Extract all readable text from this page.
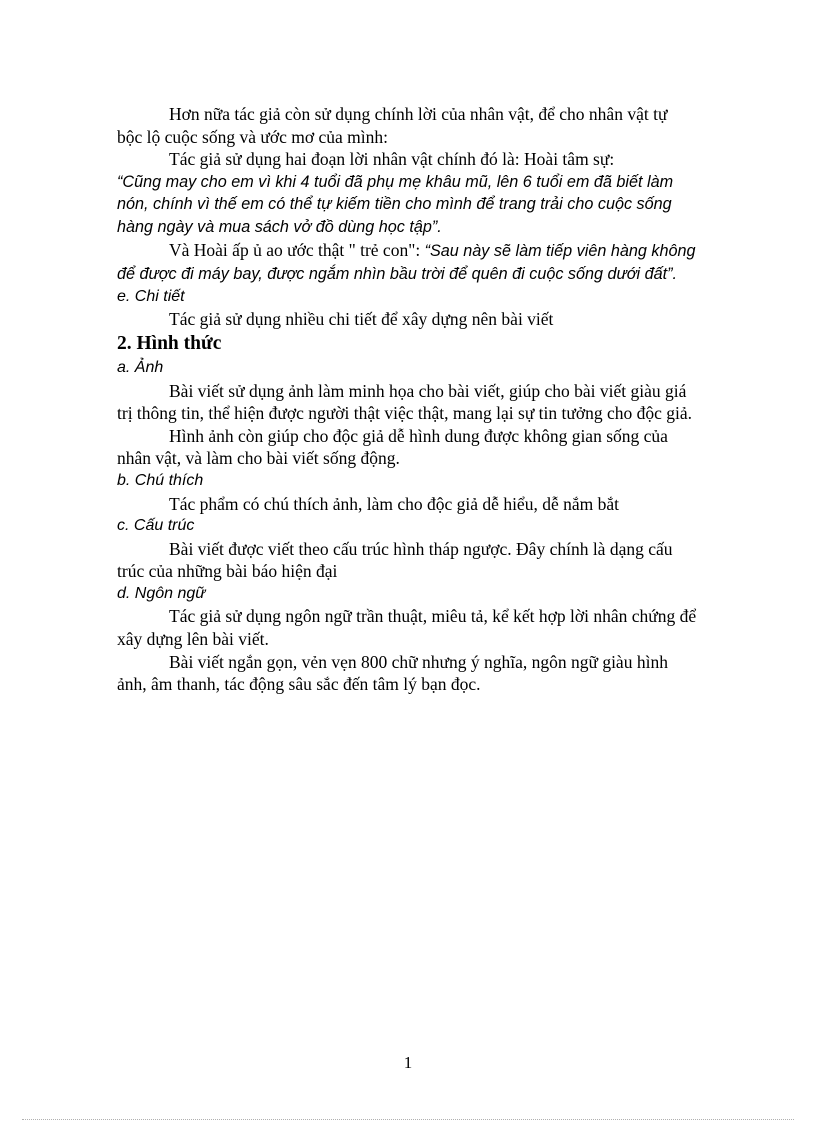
Hơn nữa tác giả còn sử dụng chính lời của nhân vật, để cho nhân vật tự bộc lộ cuộc sống và ước mơ của mình:

Tác giả sử dụng hai đoạn lời nhân vật chính đó là: Hoài tâm sự:

“Cũng may cho em vì khi 4 tuổi đã phụ mẹ khâu mũ, lên 6 tuổi em đã biết làm nón, chính vì thế em có thể tự kiếm tiền cho mình để trang trải cho cuộc sống hàng ngày và mua sách vở đồ dùng học tập”.

Và Hoài ấp ủ ao ước thật " trẻ con": “Sau này sẽ làm tiếp viên hàng không để được đi máy bay, được ngắm nhìn bầu trời để quên đi cuộc sống dưới đất”.

e. Chi tiết

Tác giả sử dụng nhiều chi tiết để xây dựng nên bài viết

2. Hình thức

a. Ảnh

Bài viết sử dụng ảnh làm minh họa cho bài viết, giúp cho bài viết giàu giá trị thông tin, thể hiện được người thật việc thật, mang lại sự tin tưởng cho độc giả.

Hình ảnh còn giúp cho độc giả dễ hình dung được không gian sống của nhân vật, và làm cho bài viết sống động.

b. Chú thích

Tác phẩm có chú thích ảnh, làm cho độc giả dễ hiểu, dễ nắm bắt

c. Cấu trúc

Bài viết được viết theo cấu trúc hình tháp ngược. Đây chính là dạng cấu trúc của những bài báo hiện đại

d. Ngôn ngữ

Tác giả sử dụng ngôn ngữ trần thuật, miêu tả, kể kết hợp lời nhân chứng để xây dựng lên bài viết.

Bài viết ngắn gọn, vẻn vẹn 800 chữ nhưng ý nghĩa, ngôn ngữ giàu hình ảnh, âm thanh, tác động sâu sắc đến tâm lý bạn đọc.

1
